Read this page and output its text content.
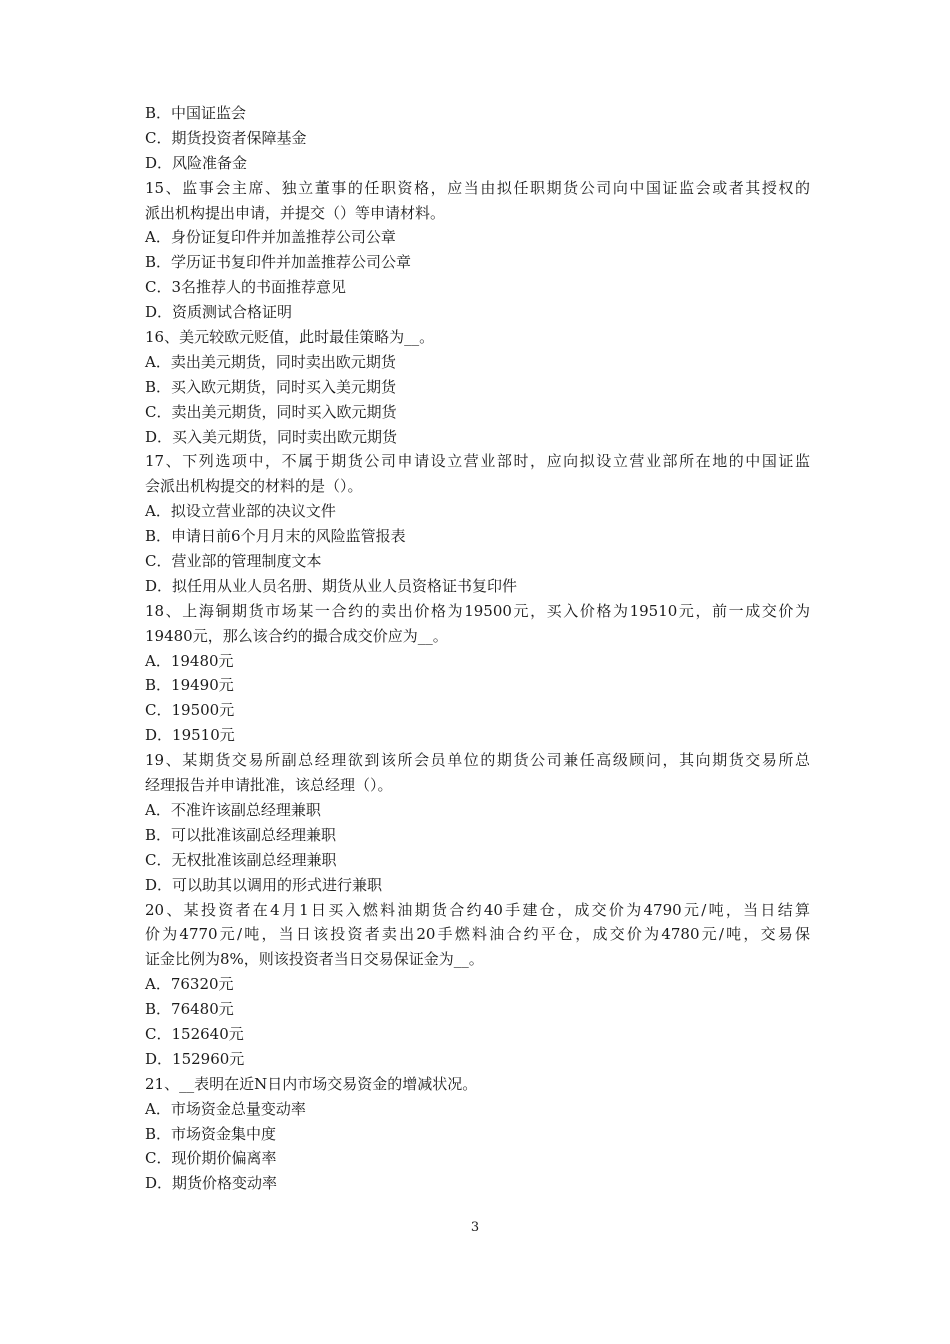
B．中国证监会
C．期货投资者保障基金
D．风险准备金
15、监事会主席、独立董事的任职资格，应当由拟任职期货公司向中国证监会或者其授权的
派出机构提出申请，并提交（）等申请材料。
A．身份证复印件并加盖推荐公司公章
B．学历证书复印件并加盖推荐公司公章
C．3名推荐人的书面推荐意见
D．资质测试合格证明
16、美元较欧元贬值，此时最佳策略为__。
A．卖出美元期货，同时卖出欧元期货
B．买入欧元期货，同时买入美元期货
C．卖出美元期货，同时买入欧元期货
D．买入美元期货，同时卖出欧元期货
17、下列选项中，不属于期货公司申请设立营业部时，应向拟设立营业部所在地的中国证监
会派出机构提交的材料的是（）。
A．拟设立营业部的决议文件
B．申请日前6个月月末的风险监管报表
C．营业部的管理制度文本
D．拟任用从业人员名册、期货从业人员资格证书复印件
18、上海铜期货市场某一合约的卖出价格为19500元，买入价格为19510元，前一成交价为
19480元，那么该合约的撮合成交价应为__。
A．19480元
B．19490元
C．19500元
D．19510元
19、某期货交易所副总经理欲到该所会员单位的期货公司兼任高级顾问，其向期货交易所总
经理报告并申请批准，该总经理（）。
A．不准许该副总经理兼职
B．可以批准该副总经理兼职
C．无权批准该副总经理兼职
D．可以助其以调用的形式进行兼职
20、某投资者在4月1日买入燃料油期货合约40手建仓，成交价为4790元/吨，当日结算
价为4770元/吨，当日该投资者卖出20手燃料油合约平仓，成交价为4780元/吨，交易保
证金比例为8%，则该投资者当日交易保证金为__。
A．76320元
B．76480元
C．152640元
D．152960元
21、__表明在近N日内市场交易资金的增减状况。
A．市场资金总量变动率
B．市场资金集中度
C．现价期价偏离率
D．期货价格变动率
3
